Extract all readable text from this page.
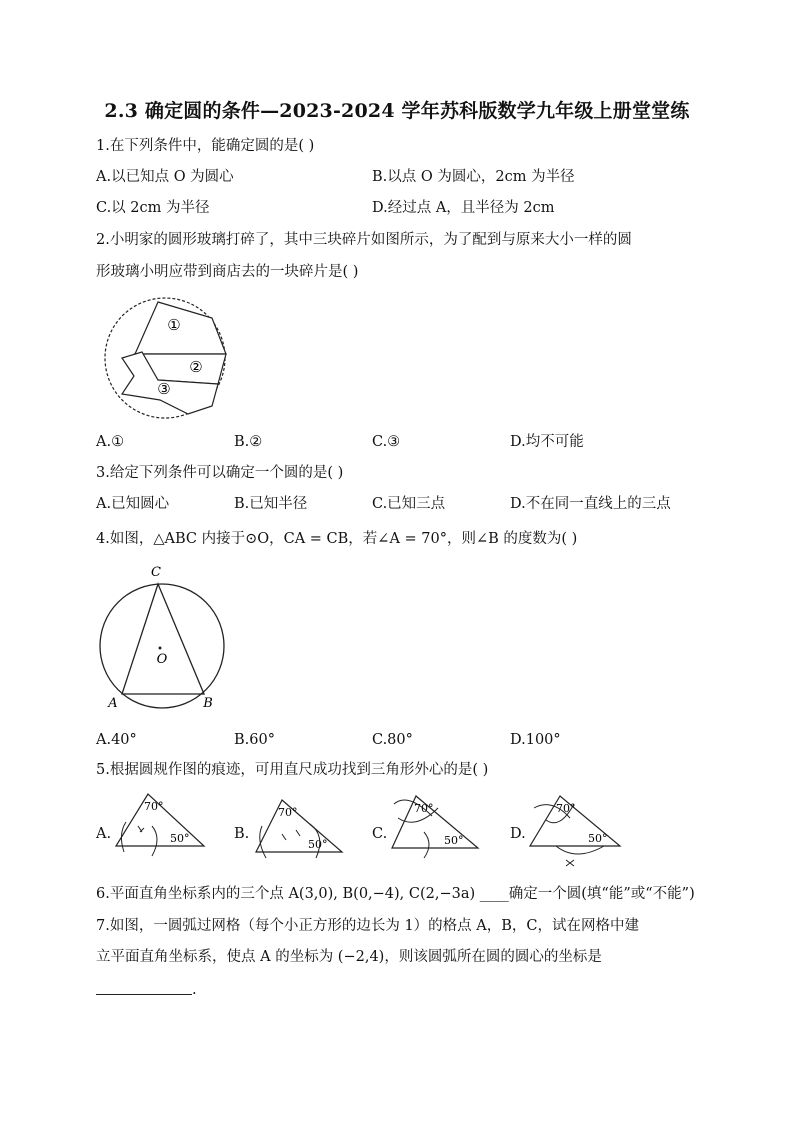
2.3 确定圆的条件—2023-2024 学年苏科版数学九年级上册堂堂练
1.在下列条件中，能确定圆的是( )
A.以已知点 O 为圆心	B.以点 O 为圆心，2cm 为半径
C.以 2cm 为半径	D.经过点 A，且半径为 2cm
2.小明家的圆形玻璃打碎了，其中三块碎片如图所示，为了配到与原来大小一样的圆
形玻璃小明应带到商店去的一块碎片是( )
①
②
③
A.①	B.②	C.③	D.均不可能
3.给定下列条件可以确定一个圆的是( )
A.已知圆心	B.已知半径	C.已知三点	D.不在同一直线上的三点
4.如图，△ABC 内接于⊙O，CA = CB，若∠A = 70°，则∠B 的度数为( )
C
O
A	B
A.40°	B.60°	C.80°	D.100°
5.根据圆规作图的痕迹，可用直尺成功找到三角形外心的是( )
A.
70°
50°	B.
70°
50°
C.
70°
50°	D.
70°
50°
6.平面直角坐标系内的三个点 A(3,0), B(0,−4), C(2,−3a) ____确定一个圆(填“能”或“不能”)
7.如图，一圆弧过网格（每个小正方形的边长为 1）的格点 A，B，C，试在网格中建
立平面直角坐标系，使点 A 的坐标为 (−2,4)，则该圆弧所在圆的圆心的坐标是
.
